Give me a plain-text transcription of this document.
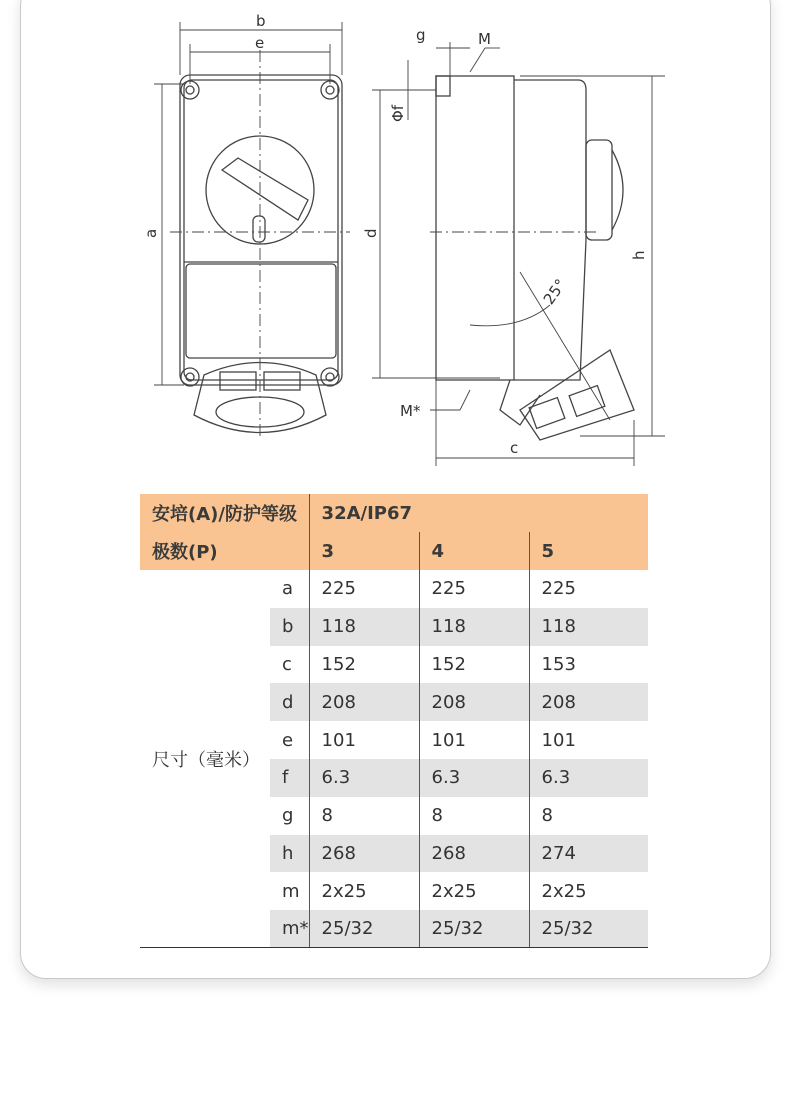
b
e
a
g	M
Φf
d
h
25°
M*
c
安培(A)/防护等级		32A/IP67		
极数(P)		3	4	5
尺寸（毫米）	a	225	225	225
	b	118	118	118
	c	152	152	153
	d	208	208	208
	e	101	101	101
	f	6.3	6.3	6.3
	g	8	8	8
	h	268	268	274
	m	2x25	2x25	2x25
	m*	25/32	25/32	25/32
